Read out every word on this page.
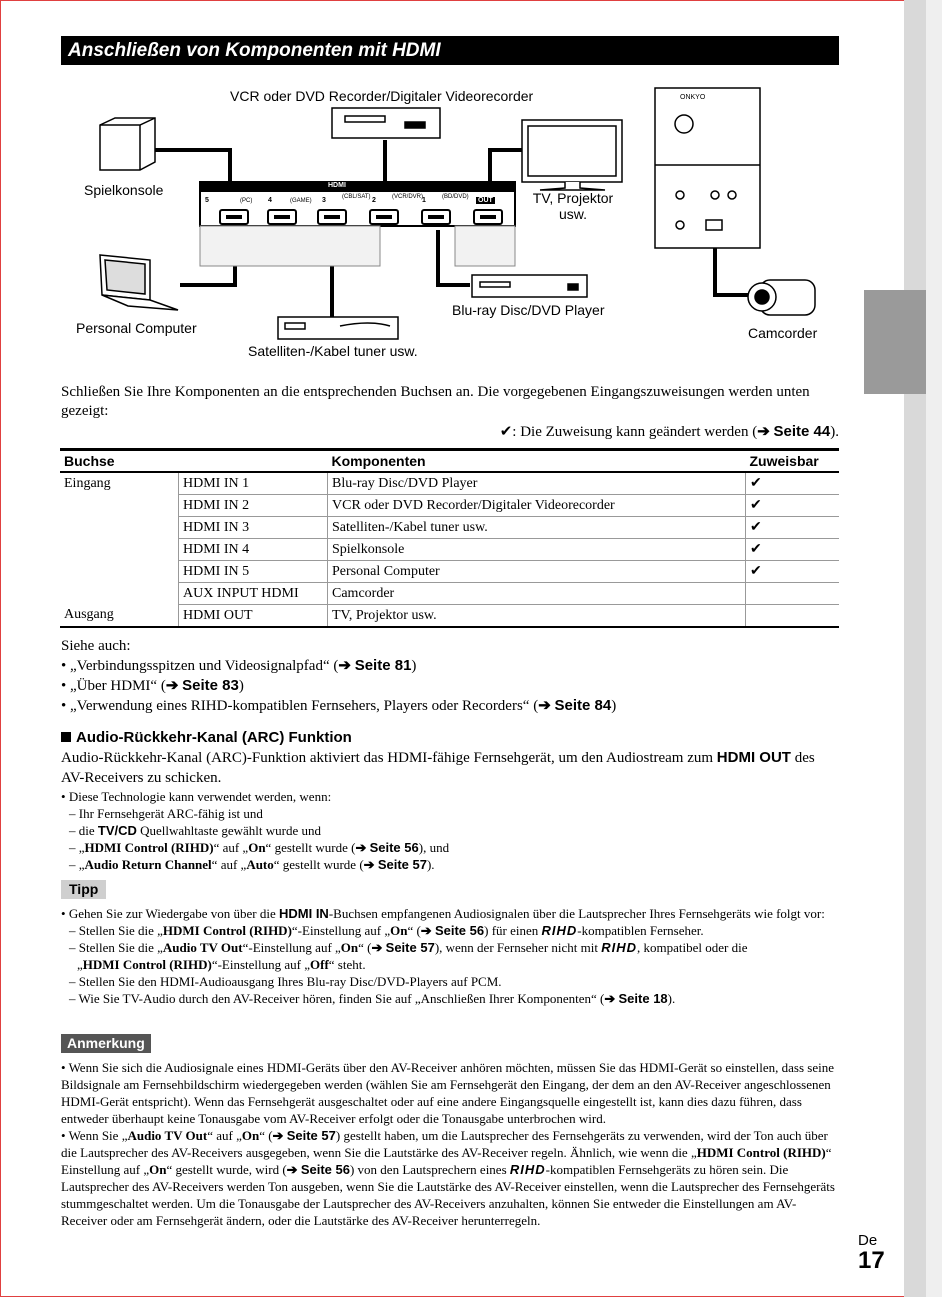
Anschließen von Komponenten mit HDMI
VCR oder DVD Recorder/Digitaler Videorecorder
Spielkonsole	TV, Projektor usw.
Personal Computer
Blu-ray Disc/DVD Player
Satelliten-/Kabel tuner usw.
Camcorder
HDMI
ONKYO
5	(PC) 4	(GAME) 3	(CBL/SAT) 2	(VCR/DVR) 1	(BD/DVD) OUT
Schließen Sie Ihre Komponenten an die entsprechenden Buchsen an. Die vorgegebenen Eingangszuweisungen werden unten gezeigt:
✔: Die Zuweisung kann geändert werden (➔ Seite 44).
Buchse		Komponenten	Zuweisbar
Eingang	HDMI IN 1	Blu-ray Disc/DVD Player	✔
	HDMI IN 2	VCR oder DVD Recorder/Digitaler Videorecorder	✔
	HDMI IN 3	Satelliten-/Kabel tuner usw.	✔
	HDMI IN 4	Spielkonsole	✔
	HDMI IN 5	Personal Computer	✔
	AUX INPUT HDMI	Camcorder	
Ausgang	HDMI OUT	TV, Projektor usw.	
Siehe auch:
• „Verbindungsspitzen und Videosignalpfad“ (➔ Seite 81)
• „Über HDMI“ (➔ Seite 83)
• „Verwendung eines RIHD-kompatiblen Fernsehers, Players oder Recorders“ (➔ Seite 84)
Audio-Rückkehr-Kanal (ARC) Funktion
Audio-Rückkehr-Kanal (ARC)-Funktion aktiviert das HDMI-fähige Fernsehgerät, um den Audiostream zum HDMI OUT des AV-Receivers zu schicken.
• Diese Technologie kann verwendet werden, wenn:
– Ihr Fernsehgerät ARC-fähig ist und
– die TV/CD Quellwahltaste gewählt wurde und
– „HDMI Control (RIHD)“ auf „On“ gestellt wurde (➔ Seite 56), und
– „Audio Return Channel“ auf „Auto“ gestellt wurde (➔ Seite 57).
Tipp
• Gehen Sie zur Wiedergabe von über die HDMI IN-Buchsen empfangenen Audiosignalen über die Lautsprecher Ihres Fernsehgeräts wie folgt vor:
– Stellen Sie die „HDMI Control (RIHD)“-Einstellung auf „On“ (➔ Seite 56) für einen RIHD-kompatiblen Fernseher.
– Stellen Sie die „Audio TV Out“-Einstellung auf „On“ (➔ Seite 57), wenn der Fernseher nicht mit RIHD, kompatibel oder die
„HDMI Control (RIHD)“-Einstellung auf „Off“ steht.
– Stellen Sie den HDMI-Audioausgang Ihres Blu-ray Disc/DVD-Players auf PCM.
– Wie Sie TV-Audio durch den AV-Receiver hören, finden Sie auf „Anschließen Ihrer Komponenten“ (➔ Seite 18).
Anmerkung
• Wenn Sie sich die Audiosignale eines HDMI-Geräts über den AV-Receiver anhören möchten, müssen Sie das HDMI-Gerät so einstellen, dass seine Bildsignale am Fernsehbildschirm wiedergegeben werden (wählen Sie am Fernsehgerät den Eingang, der dem an den AV-Receiver angeschlossenen HDMI-Gerät entspricht). Wenn das Fernsehgerät ausgeschaltet oder auf eine andere Eingangsquelle eingestellt ist, kann dies dazu führen, dass entweder überhaupt keine Tonausgabe vom AV-Receiver erfolgt oder die Tonausgabe unterbrochen wird.
• Wenn Sie „Audio TV Out“ auf „On“ (➔ Seite 57) gestellt haben, um die Lautsprecher des Fernsehgeräts zu verwenden, wird der Ton auch über die Lautsprecher des AV-Receivers ausgegeben, wenn Sie die Lautstärke des AV-Receiver regeln. Ähnlich, wie wenn die „HDMI Control (RIHD)“ Einstellung auf „On“ gestellt wurde, wird (➔ Seite 56) von den Lautsprechern eines RIHD-kompatiblen Fernsehgeräts zu hören sein. Die Lautsprecher des AV-Receivers werden Ton ausgeben, wenn Sie die Lautstärke des AV-Receiver einstellen, wenn die Lautsprecher des Fernsehgeräts stummgeschaltet werden. Um die Tonausgabe der Lautsprecher des AV-Receivers anzuhalten, können Sie entweder die Einstellungen am AV-Receiver oder am Fernsehgerät ändern, oder die Lautstärke des AV-Receiver herunterregeln.
De
17
